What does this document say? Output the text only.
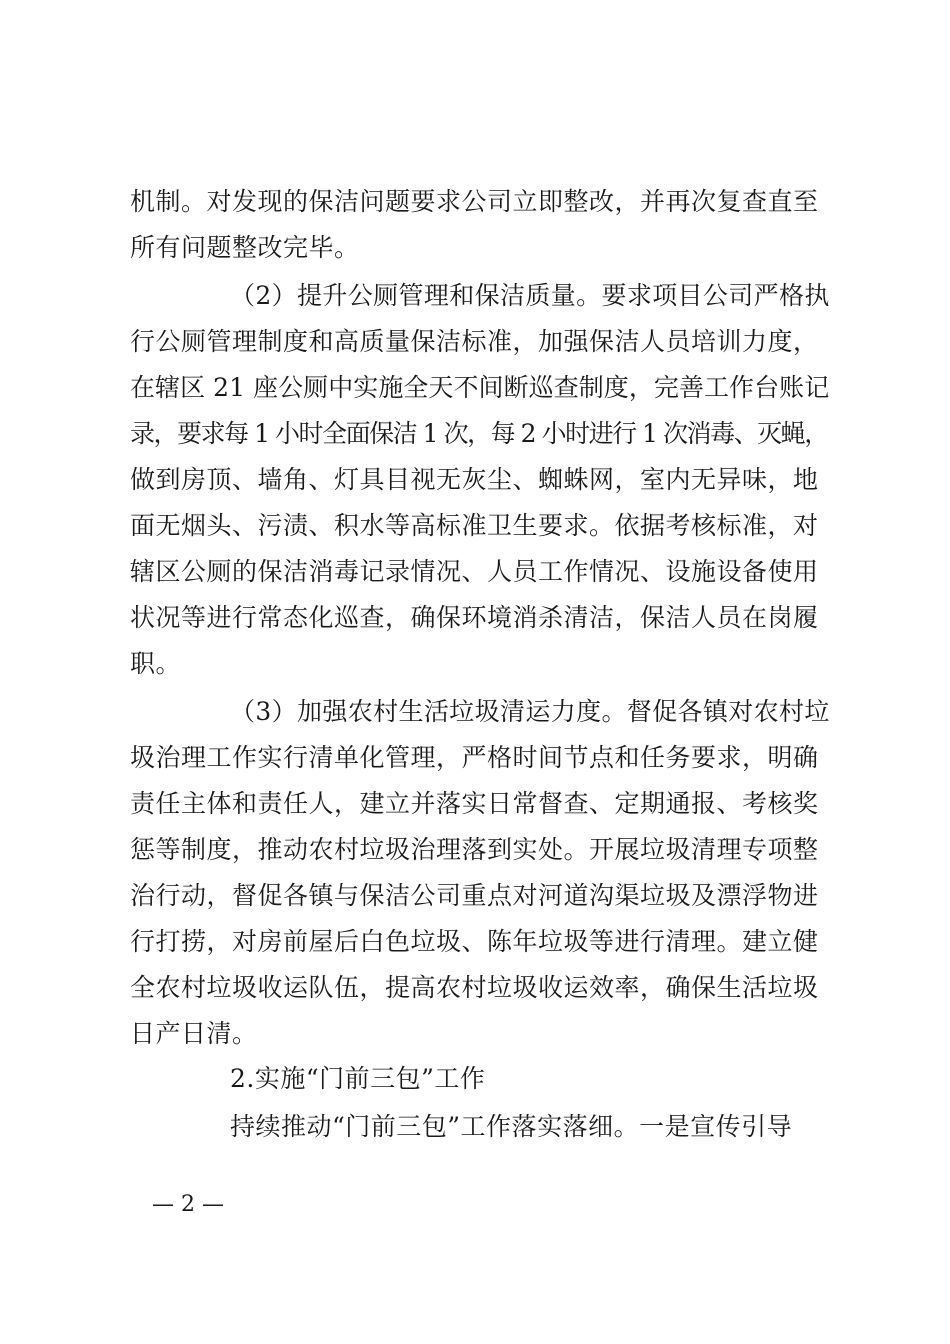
机制。对发现的保洁问题要求公司立即整改，并再次复查直至
所有问题整改完毕。
（2）提升公厕管理和保洁质量。要求项目公司严格执
行公厕管理制度和高质量保洁标准，加强保洁人员培训力度，
在辖区 21 座公厕中实施全天不间断巡查制度，完善工作台账记
录，要求每 1 小时全面保洁 1 次，每 2 小时进行 1 次消毒、灭蝇，
做到房顶、墙角、灯具目视无灰尘、蜘蛛网，室内无异味，地
面无烟头、污渍、积水等高标准卫生要求。依据考核标准，对
辖区公厕的保洁消毒记录情况、人员工作情况、设施设备使用
状况等进行常态化巡查，确保环境消杀清洁，保洁人员在岗履
职。
（3）加强农村生活垃圾清运力度。督促各镇对农村垃
圾治理工作实行清单化管理，严格时间节点和任务要求，明确
责任主体和责任人，建立并落实日常督查、定期通报、考核奖
惩等制度，推动农村垃圾治理落到实处。开展垃圾清理专项整
治行动，督促各镇与保洁公司重点对河道沟渠垃圾及漂浮物进
行打捞，对房前屋后白色垃圾、陈年垃圾等进行清理。建立健
全农村垃圾收运队伍，提高农村垃圾收运效率，确保生活垃圾
日产日清。
2.实施“门前三包”工作
持续推动“门前三包”工作落实落细。一是宣传引导
— 2 —
